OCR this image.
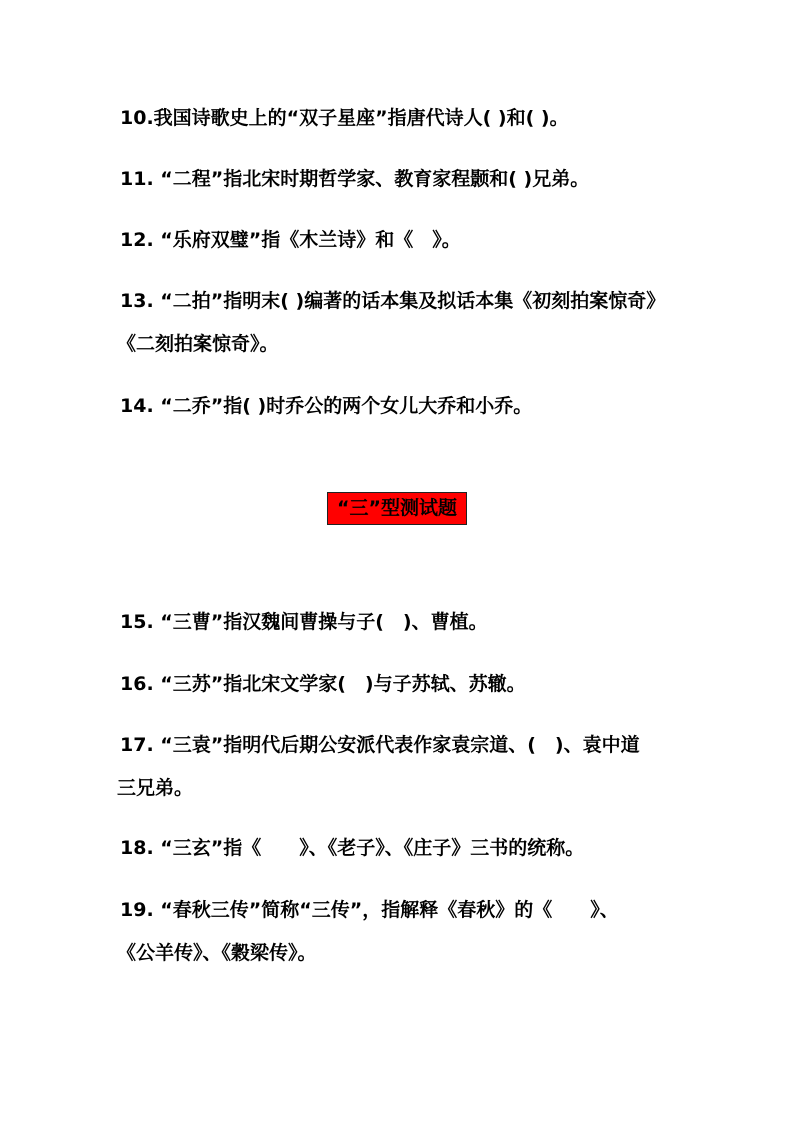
10.我国诗歌史上的“双子星座”指唐代诗人( )和( )。

11. “二程”指北宋时期哲学家、教育家程颢和( )兄弟。

12. “乐府双璧”指《木兰诗》和《　》。

13. “二拍”指明末( )编著的话本集及拟话本集《初刻拍案惊奇》
《二刻拍案惊奇》。

14. “二乔”指( )时乔公的两个女儿大乔和小乔。

“三”型测试题

15. “三曹”指汉魏间曹操与子(　)、曹植。

16. “三苏”指北宋文学家(　)与子苏轼、苏辙。

17. “三袁”指明代后期公安派代表作家袁宗道、(　)、袁中道
三兄弟。

18. “三玄”指《　　》、《老子》、《庄子》三书的统称。

19. “春秋三传”简称“三传”，指解释《春秋》的《　　》、
《公羊传》、《穀梁传》。
